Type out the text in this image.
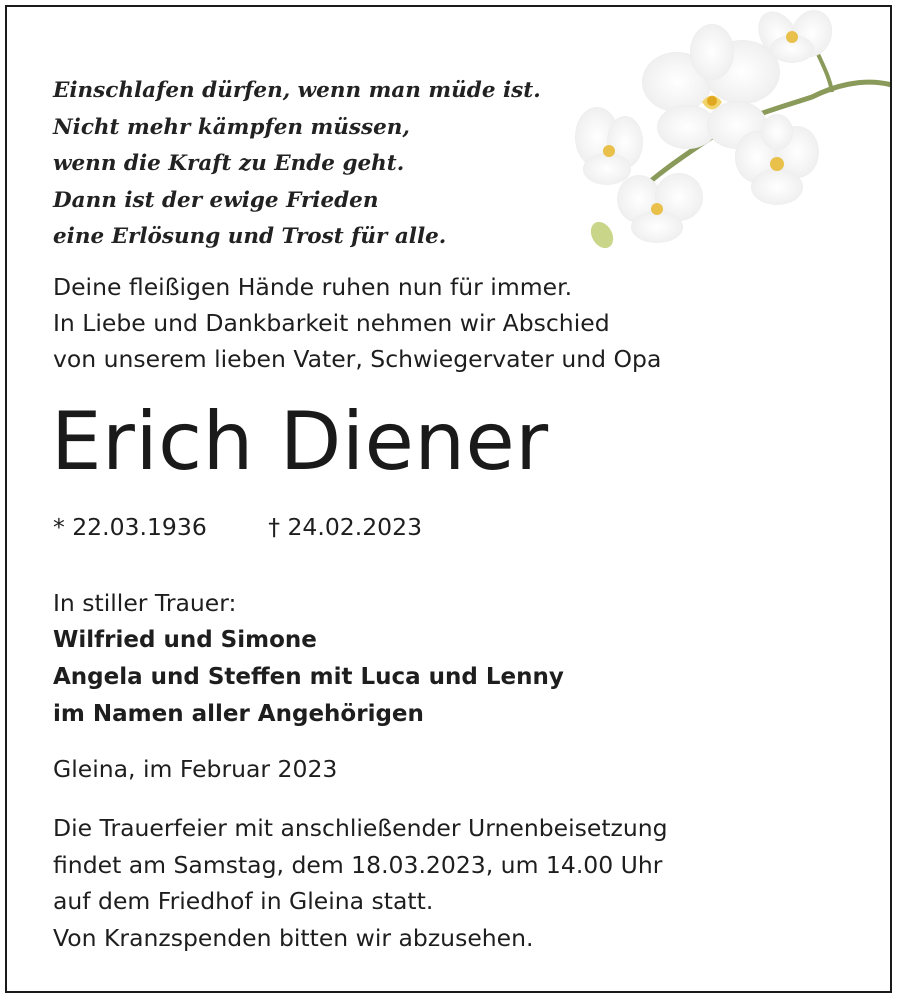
Einschlafen dürfen, wenn man müde ist.
Nicht mehr kämpfen müssen,
wenn die Kraft zu Ende geht.
Dann ist der ewige Frieden
eine Erlösung und Trost für alle.
Deine fleißigen Hände ruhen nun für immer.
In Liebe und Dankbarkeit nehmen wir Abschied
von unserem lieben Vater, Schwiegervater und Opa
Erich Diener
* 22.03.1936	† 24.02.2023
In stiller Trauer:
Wilfried und Simone
Angela und Steffen mit Luca und Lenny
im Namen aller Angehörigen
Gleina, im Februar 2023
Die Trauerfeier mit anschließender Urnenbeisetzung
findet am Samstag, dem 18.03.2023, um 14.00 Uhr
auf dem Friedhof in Gleina statt.
Von Kranzspenden bitten wir abzusehen.
